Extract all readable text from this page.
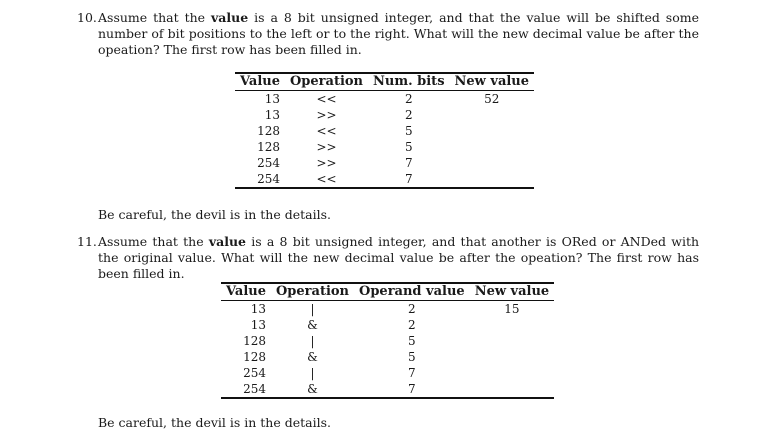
10. Assume that the value is a 8 bit unsigned integer, and that the value will be shifted some number of bit positions to the left or to the right. What will the new decimal value be after the opeation? The first row has been filled in.
Value	Operation	Num. bits	New value
13	<<	2	52
13	>>	2	
128	<<	5	
128	>>	5	
254	>>	7	
254	<<	7	
Be careful, the devil is in the details.
11. Assume that the value is a 8 bit unsigned integer, and that another is ORed or ANDed with the original value. What will the new decimal value be after the opeation? The first row has been filled in.
Value	Operation	Operand value	New value
13	|	2	15
13	&	2	
128	|	5	
128	&	5	
254	|	7	
254	&	7	
Be careful, the devil is in the details.
